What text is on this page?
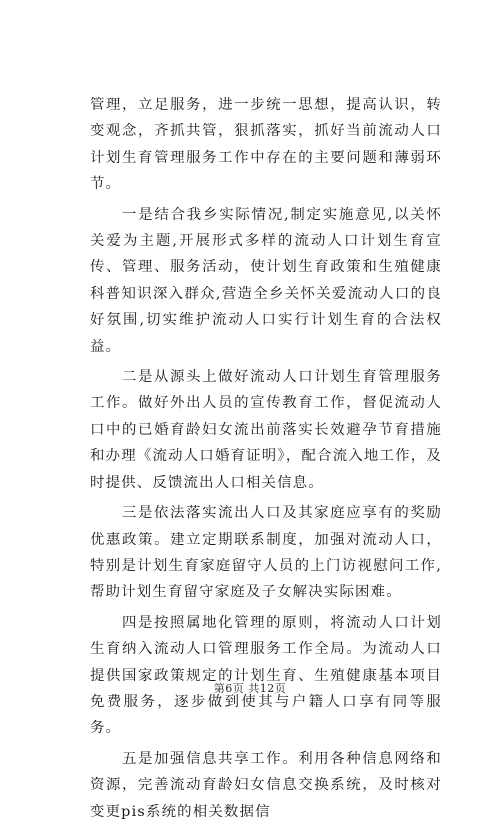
管理，立足服务，进一步统一思想，提高认识，转变观念，齐抓共管，狠抓落实，抓好当前流动人口计划生育管理服务工作中存在的主要问题和薄弱环节。

一是结合我乡实际情况,制定实施意见,以关怀关爱为主题,开展形式多样的流动人口计划生育宣传、管理、服务活动，使计划生育政策和生殖健康科普知识深入群众,营造全乡关怀关爱流动人口的良好氛围,切实维护流动人口实行计划生育的合法权益。

二是从源头上做好流动人口计划生育管理服务工作。做好外出人员的宣传教育工作，督促流动人口中的已婚育龄妇女流出前落实长效避孕节育措施和办理《流动人口婚育证明》，配合流入地工作，及时提供、反馈流出人口相关信息。

三是依法落实流出人口及其家庭应享有的奖励优惠政策。建立定期联系制度，加强对流动人口，特别是计划生育家庭留守人员的上门访视慰问工作,帮助计划生育留守家庭及子女解决实际困难。

四是按照属地化管理的原则，将流动人口计划生育纳入流动人口管理服务工作全局。为流动人口提供国家政策规定的计划生育、生殖健康基本项目免费服务，逐步做到使其与户籍人口享有同等服务。

五是加强信息共享工作。利用各种信息网络和资源，完善流动育龄妇女信息交换系统，及时核对变更pis系统的相关数据信

第6页 共12页
